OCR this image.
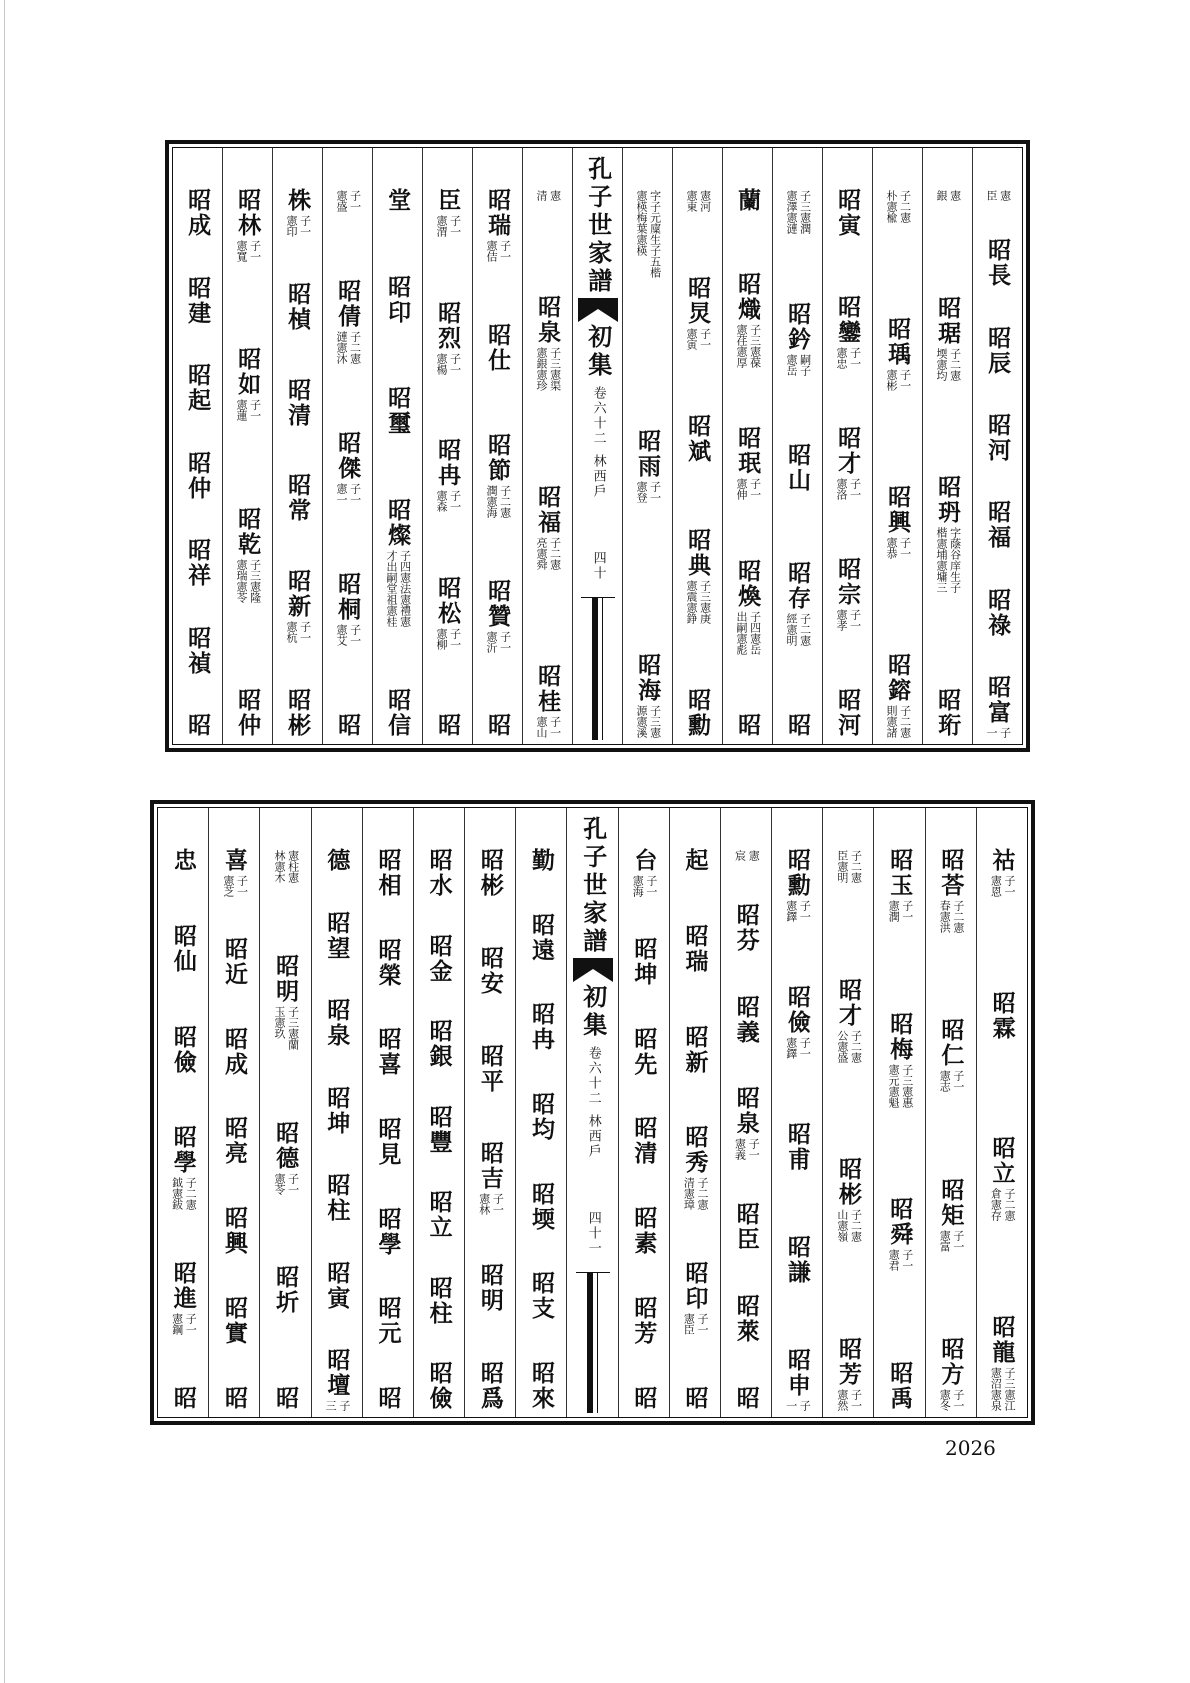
憲
臣
昭長
昭辰
昭河
昭福
昭祿
昭富
子
一
憲
銀
昭琚
子二憲
堧憲均
昭玬
字蔭谷庠生子
楷憲埔憲墉三
昭珩
子二憲
朴憲楡
昭瑀
子一
憲彬
昭興
子一
憲恭
昭鎔
子二憲
則憲諸
昭寅
昭鑾
子一
憲忠
昭才
子一
憲洛
昭宗
子一
憲孝
昭河
子三憲潤
憲澤憲漣
昭鈐
嗣子
憲岳
昭山
昭存
子二憲
經憲明
昭
蘭
昭熾
子三憲葆
憲荏憲厚
昭珉
子一
憲伸
昭煥
子四憲岳
出嗣憲彪
昭
憲河
憲東
昭炅
子一
憲寅
昭斌
昭典
子三憲庚
憲震憲錚
昭勳
字子元廩生子五楷
憲楧梅葉憲楧
昭雨
子一
憲登
昭海
子三憲
源憲溪
孔子世家譜
初集
卷六十二
林西戶
四十
憲
清
昭泉
子三憲渠
憲銀憲珍
昭福
子二憲
亮憲舜
昭桂
子一
憲山
昭瑞
子一
憲佶
昭仕
昭節
子二憲
潤憲海
昭贊
子一
憲沂
昭
臣
子一
憲渭
昭烈
子一
憲楊
昭冉
子一
憲森
昭松
子一
憲柳
昭
堂
昭印
昭璽
昭燦
子四憲法憲禮憲
才出嗣堂祖憲桂
昭信
子一
憲盛
昭倩
子二憲
漣憲沐
昭傑
子一
憲一
昭桐
子一
憲艾
昭
株
子一
憲印
昭楨
昭清
昭常
昭新
子一
憲杭
昭彬
昭林
子一
憲寬
昭如
子一
憲蓮
昭乾
子三憲隆
憲瑞憲苓
昭仲
昭成
昭建
昭起
昭仲
昭祥
昭禎
昭
祜
子一
憲恩
昭霖
昭立
子二憲
倉憲存
昭龍
子三憲江
憲沼憲泉
昭荅
子二憲
春憲洪
昭仁
子一
憲志
昭矩
子一
憲富
昭方
子一
憲冬
昭玉
子一
憲潤
昭梅
子三憲惠
憲元憲魁
昭舜
子一
憲君
昭禹
子二憲
臣憲明
昭才
子二憲
公憲盛
昭彬
子二憲
山憲嶺
昭芳
子一
憲然
昭勳
子一
憲鐸
昭儉
子一
憲鐸
昭甫
昭謙
昭申
子
一
憲
宸
昭芬
昭義
昭泉
子一
憲義
昭臣
昭萊
昭
起
昭瑞
昭新
昭秀
子二憲
清憲璋
昭印
子一
憲臣
昭
台
子一
憲海
昭坤
昭先
昭清
昭素
昭芳
昭
孔子世家譜
初集
卷六十二
林西戶
四十一
勤
昭遠
昭冉
昭均
昭堧
昭支
昭來
昭彬
昭安
昭平
昭吉
子一
憲林
昭明
昭爲
昭水
昭金
昭銀
昭豐
昭立
昭柱
昭儉
昭相
昭榮
昭喜
昭見
昭學
昭元
昭
德
昭望
昭泉
昭坤
昭柱
昭寅
昭壇
子
三
憲柱憲
林憲木
昭明
子三憲蘭
玉憲玖
昭德
子一
憲苓
昭圻
昭
喜
子一
憲芝
昭近
昭成
昭亮
昭興
昭實
昭
忠
昭仙
昭儉
昭學
子二憲
鉞憲鈸
昭進
子一
憲鋼
昭
2026
